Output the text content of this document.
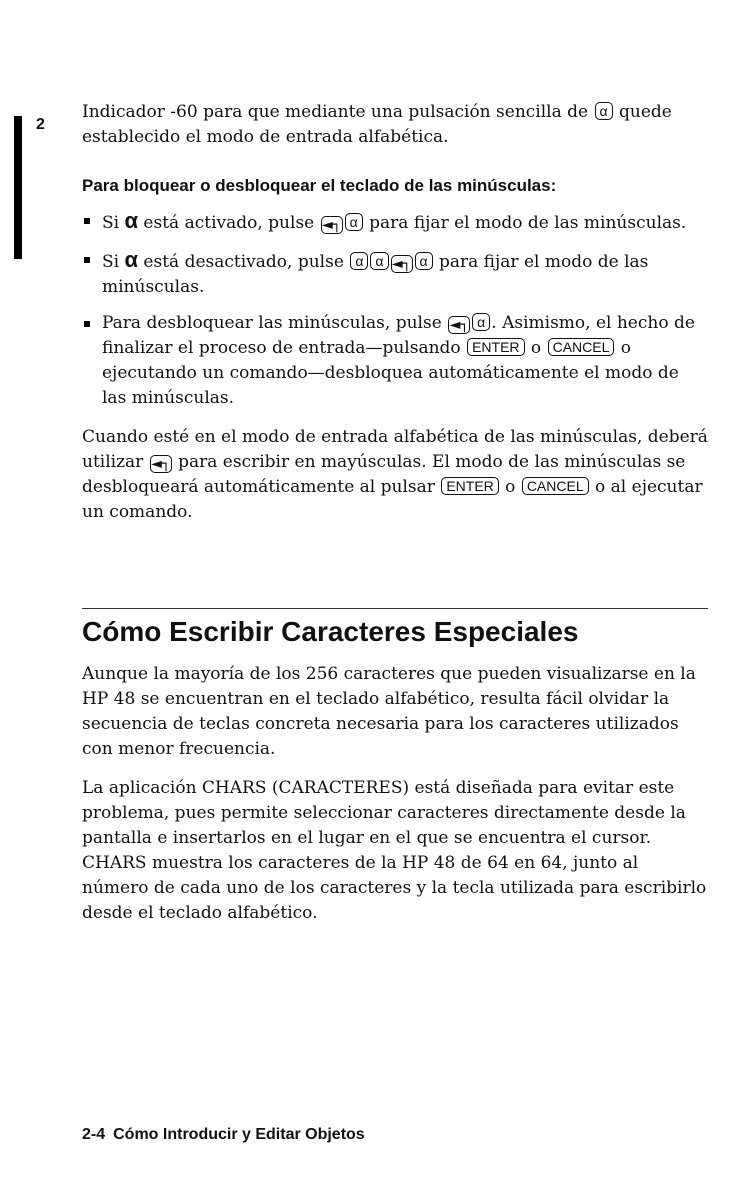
2

Indicador -60 para que mediante una pulsación sencilla de α quede establecido el modo de entrada alfabética.

Para bloquear o desbloquear el teclado de las minúsculas:
Si α está activado, pulse ◄┐ α para fijar el modo de las minúsculas.
Si α está desactivado, pulse α α ◄┐ α para fijar el modo de las minúsculas.
Para desbloquear las minúsculas, pulse ◄┐ α . Asimismo, el hecho de finalizar el proceso de entrada—pulsando ENTER o CANCEL o ejecutando un comando—desbloquea automáticamente el modo de las minúsculas.

Cuando esté en el modo de entrada alfabética de las minúsculas, deberá utilizar ◄┐ para escribir en mayúsculas. El modo de las minúsculas se desbloqueará automáticamente al pulsar ENTER o CANCEL o al ejecutar un comando.

Cómo Escribir Caracteres Especiales

Aunque la mayoría de los 256 caracteres que pueden visualizarse en la HP 48 se encuentran en el teclado alfabético, resulta fácil olvidar la secuencia de teclas concreta necesaria para los caracteres utilizados con menor frecuencia.

La aplicación CHARS (CARACTERES) está diseñada para evitar este problema, pues permite seleccionar caracteres directamente desde la pantalla e insertarlos en el lugar en el que se encuentra el cursor. CHARS muestra los caracteres de la HP 48 de 64 en 64, junto al número de cada uno de los caracteres y la tecla utilizada para escribirlo desde el teclado alfabético.

2-4 Cómo Introducir y Editar Objetos
